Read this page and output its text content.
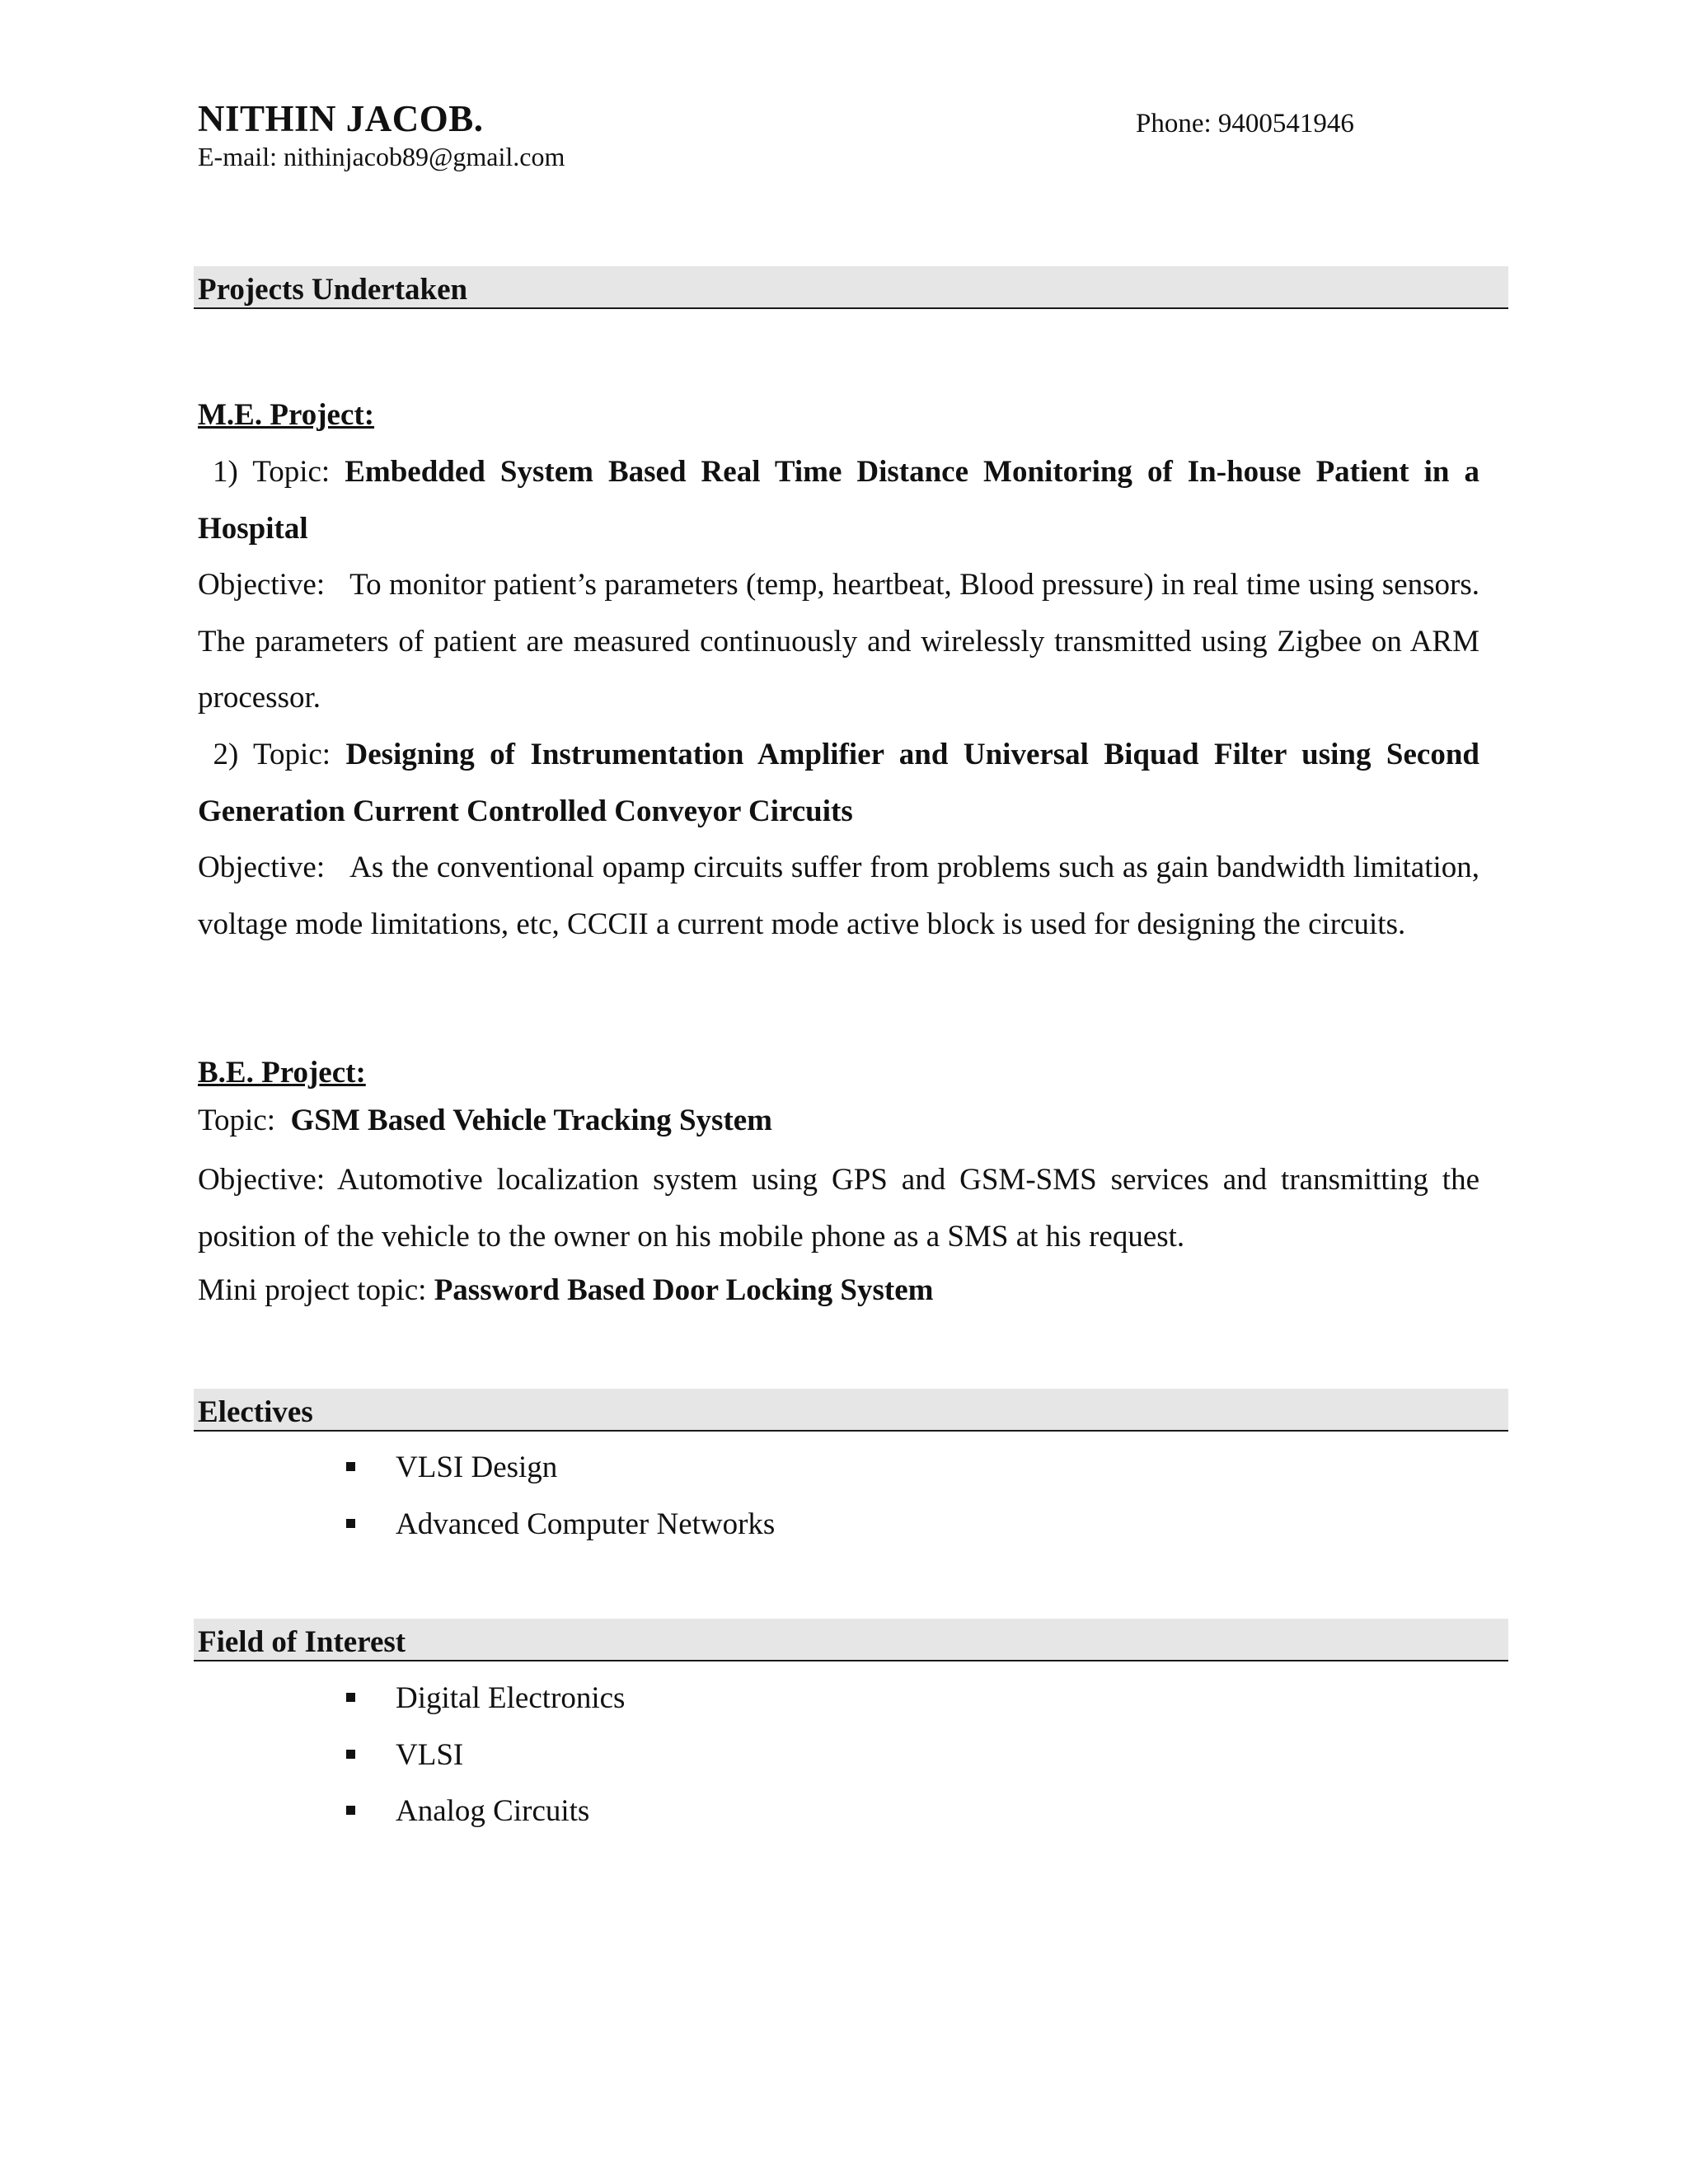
NITHIN JACOB.	Phone: 9400541946
E-mail: nithinjacob89@gmail.com
Projects Undertaken
M.E. Project:
1) Topic: Embedded System Based Real Time Distance Monitoring of In-house Patient in a Hospital
Objective: To monitor patient’s parameters (temp, heartbeat, Blood pressure) in real time using sensors. The parameters of patient are measured continuously and wirelessly transmitted using Zigbee on ARM processor.
2) Topic: Designing of Instrumentation Amplifier and Universal Biquad Filter using Second Generation Current Controlled Conveyor Circuits
Objective: As the conventional opamp circuits suffer from problems such as gain bandwidth limitation, voltage mode limitations, etc, CCCII a current mode active block is used for designing the circuits.
B.E. Project:
Topic:  GSM Based Vehicle Tracking System
Objective: Automotive localization system using GPS and GSM-SMS services and transmitting the position of the vehicle to the owner on his mobile phone as a SMS at his request.
Mini project topic: Password Based Door Locking System
Electives
VLSI Design
Advanced Computer Networks
Field of Interest
Digital Electronics
VLSI
Analog Circuits
